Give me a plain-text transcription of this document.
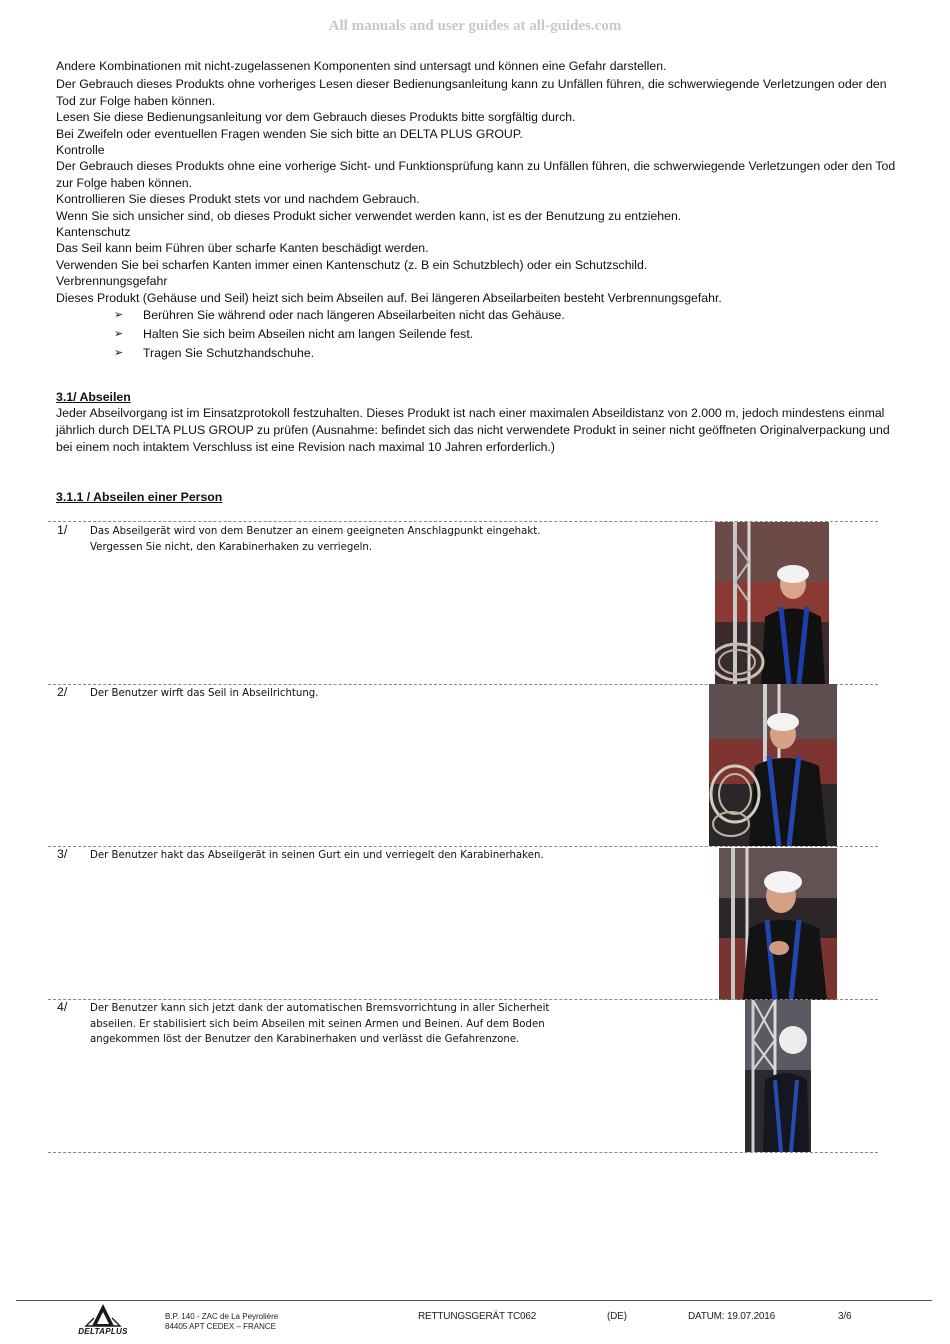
All manuals and user guides at all-guides.com

Andere Kombinationen mit nicht-zugelassenen Komponenten sind untersagt und können eine Gefahr darstellen.

Der Gebrauch dieses Produkts ohne vorheriges Lesen dieser Bedienungsanleitung kann zu Unfällen führen, die schwerwiegende Verletzungen oder den Tod zur Folge haben können.

Lesen Sie diese Bedienungsanleitung vor dem Gebrauch dieses Produkts bitte sorgfältig durch.

Bei Zweifeln oder eventuellen Fragen wenden Sie sich bitte an DELTA PLUS GROUP.

Kontrolle

Der Gebrauch dieses Produkts ohne eine vorherige Sicht- und Funktionsprüfung kann zu Unfällen führen, die schwerwiegende Verletzungen oder den Tod zur Folge haben können.

Kontrollieren Sie dieses Produkt stets vor und nachdem Gebrauch.

Wenn Sie sich unsicher sind, ob dieses Produkt sicher verwendet werden kann, ist es der Benutzung zu entziehen.

Kantenschutz

Das Seil kann beim Führen über scharfe Kanten beschädigt werden.

Verwenden Sie bei scharfen Kanten immer einen Kantenschutz (z. B ein Schutzblech) oder ein Schutzschild.

Verbrennungsgefahr

Dieses Produkt (Gehäuse und Seil) heizt sich beim Abseilen auf. Bei längeren Abseilarbeiten besteht Verbrennungsgefahr.

➢ Berühren Sie während oder nach längeren Abseilarbeiten nicht das Gehäuse.
➢ Halten Sie sich beim Abseilen nicht am langen Seilende fest.
➢ Tragen Sie Schutzhandschuhe.
3.1/ Abseilen
Jeder Abseilvorgang ist im Einsatzprotokoll festzuhalten. Dieses Produkt ist nach einer maximalen Abseildistanz von 2.000 m, jedoch mindestens einmal jährlich durch DELTA PLUS GROUP zu prüfen (Ausnahme: befindet sich das nicht verwendete Produkt in seiner nicht geöffneten Originalverpackung und bei einem noch intaktem Verschluss ist eine Revision nach maximal 10 Jahren erforderlich.)
3.1.1 / Abseilen einer Person
1/ Das Abseilgerät wird von dem Benutzer an einem geeigneten Anschlagpunkt eingehakt. Vergessen Sie nicht, den Karabinerhaken zu verriegeln.
2/ Der Benutzer wirft das Seil in Abseilrichtung.
3/ Der Benutzer hakt das Abseilgerät in seinen Gurt ein und verriegelt den Karabinerhaken.
4/ Der Benutzer kann sich jetzt dank der automatischen Bremsvorrichtung in aller Sicherheit abseilen. Er stabilisiert sich beim Abseilen mit seinen Armen und Beinen. Auf dem Boden angekommen löst der Benutzer den Karabinerhaken und verlässt die Gefahrenzone.
DELTAPLUS
B.P. 140 - ZAC de La Peyrolière
84405 APT CEDEX – FRANCE
RETTUNGSGERÄT TC062	(DE)	DATUM: 19.07.2016	3/6
